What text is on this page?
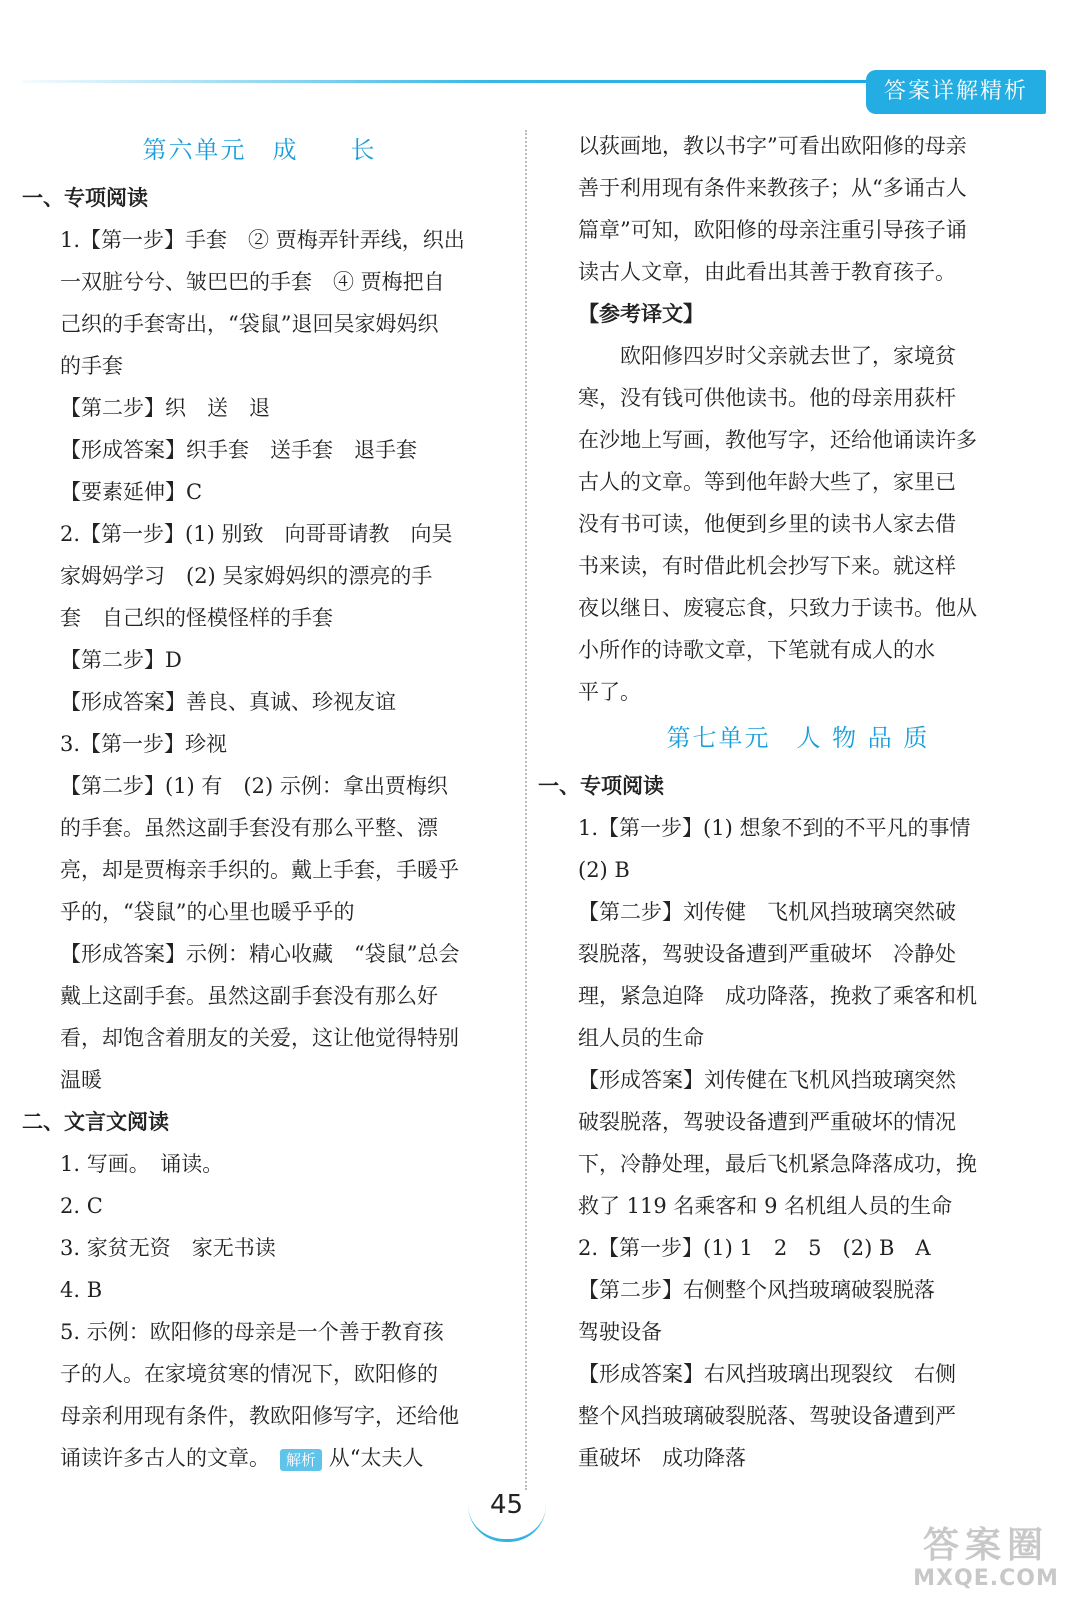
答案详解精析
第六单元　成　　长
一、专项阅读
1.【第一步】手套　② 贾梅弄针弄线，织出
一双脏兮兮、皱巴巴的手套　④ 贾梅把自
己织的手套寄出，“袋鼠”退回吴家姆妈织
的手套
【第二步】织　送　退
【形成答案】织手套　送手套　退手套
【要素延伸】C
2.【第一步】(1) 别致　向哥哥请教　向吴
家姆妈学习　(2) 吴家姆妈织的漂亮的手
套　自己织的怪模怪样的手套
【第二步】D
【形成答案】善良、真诚、珍视友谊
3.【第一步】珍视
【第二步】(1) 有　(2) 示例：拿出贾梅织
的手套。虽然这副手套没有那么平整、漂
亮，却是贾梅亲手织的。戴上手套，手暖乎
乎的，“袋鼠”的心里也暖乎乎的
【形成答案】示例：精心收藏　“袋鼠”总会
戴上这副手套。虽然这副手套没有那么好
看，却饱含着朋友的关爱，这让他觉得特别
温暖
二、文言文阅读
1. 写画。　诵读。
2. C
3. 家贫无资　家无书读
4. B
5. 示例：欧阳修的母亲是一个善于教育孩
子的人。在家境贫寒的情况下，欧阳修的
母亲利用现有条件，教欧阳修写字，还给他
诵读许多古人的文章。 解析 从“太夫人
以荻画地，教以书字”可看出欧阳修的母亲
善于利用现有条件来教孩子；从“多诵古人
篇章”可知，欧阳修的母亲注重引导孩子诵
读古人文章，由此看出其善于教育孩子。
【参考译文】
欧阳修四岁时父亲就去世了，家境贫
寒，没有钱可供他读书。他的母亲用荻杆
在沙地上写画，教他写字，还给他诵读许多
古人的文章。等到他年龄大些了，家里已
没有书可读，他便到乡里的读书人家去借
书来读，有时借此机会抄写下来。就这样
夜以继日、废寝忘食，只致力于读书。他从
小所作的诗歌文章，下笔就有成人的水
平了。
第七单元　人 物 品 质
一、专项阅读
1.【第一步】(1) 想象不到的不平凡的事情
(2) B
【第二步】刘传健　飞机风挡玻璃突然破
裂脱落，驾驶设备遭到严重破坏　冷静处
理，紧急迫降　成功降落，挽救了乘客和机
组人员的生命
【形成答案】刘传健在飞机风挡玻璃突然
破裂脱落，驾驶设备遭到严重破坏的情况
下，冷静处理，最后飞机紧急降落成功，挽
救了 119 名乘客和 9 名机组人员的生命
2.【第一步】(1) 1　2　5　(2) B　A
【第二步】右侧整个风挡玻璃破裂脱落
驾驶设备
【形成答案】右风挡玻璃出现裂纹　右侧
整个风挡玻璃破裂脱落、驾驶设备遭到严
重破坏　成功降落
45
答案圈
MXQE.COM
